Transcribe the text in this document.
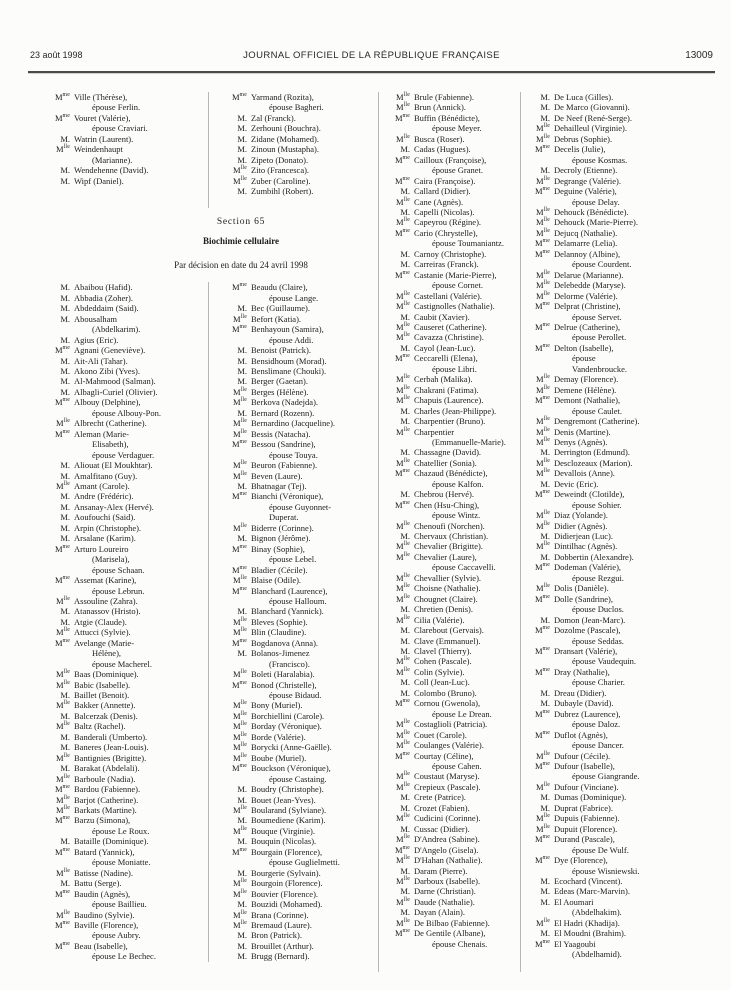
23 août 1998	JOURNAL OFFICIEL DE LA RÉPUBLIQUE FRANÇAISE	13009
$M^{me}$ Ville (Thérèse),
épouse Ferlin.
$M^{me}$ Vouret (Valérie),
épouse Craviari.
M. Watrin (Laurent).
$M^{lle}$ Weindenhaupt
(Marianne).
M. Wendehenne (David).
M. Wipf (Daniel).
$M^{me}$ Yarmand (Rozita),
épouse Bagheri.
M. Zal (Franck).
M. Zerhouni (Bouchra).
M. Zidane (Mohamed).
M. Zinoun (Mustapha).
M. Zipeto (Donato).
$M^{lle}$ Zito (Francesca).
$M^{lle}$ Zuber (Caroline).
M. Zumbihl (Robert).
Section 65
Biochimie cellulaire
Par décision en date du 24 avril 1998
M. Abaibou (Hafid).
M. Abbadia (Zoher).
M. Abdeddaim (Said).
M. Abousalham
(Abdelkarim).
M. Agius (Eric).
$M^{me}$ Agnani (Geneviève).
M. Ait-Ali (Tahar).
M. Akono Zibi (Yves).
M. Al-Mahmood (Salman).
M. Albagli-Curiel (Olivier).
$M^{me}$ Albouy (Delphine),
épouse Albouy-Pon.
$M^{lle}$ Albrecht (Catherine).
$M^{me}$ Aleman (Marie-
Elisabeth),
épouse Verdaguer.
M. Aliouat (El Moukhtar).
M. Amalfitano (Guy).
$M^{lle}$ Amant (Carole).
M. Andre (Frédéric).
M. Ansanay-Alex (Hervé).
M. Aoufouchi (Said).
M. Arpin (Christophe).
M. Arsalane (Karim).
$M^{me}$ Arturo Loureiro
(Marisela),
épouse Schaan.
$M^{me}$ Assemat (Karine),
épouse Lebrun.
$M^{lle}$ Assouline (Zahra).
M. Atanassov (Hristo).
M. Atgie (Claude).
$M^{lle}$ Attucci (Sylvie).
$M^{me}$ Avelange (Marie-
Hélène),
épouse Macherel.
$M^{lle}$ Baas (Dominique).
$M^{lle}$ Babic (Isabelle).
M. Baillet (Benoit).
$M^{lle}$ Bakker (Annette).
M. Balcerzak (Denis).
$M^{lle}$ Baltz (Rachel).
M. Banderali (Umberto).
M. Baneres (Jean-Louis).
$M^{lle}$ Bantignies (Brigitte).
M. Barakat (Abdelali).
$M^{lle}$ Barboule (Nadia).
$M^{me}$ Bardou (Fabienne).
$M^{lle}$ Barjot (Catherine).
$M^{lle}$ Barkats (Martine).
$M^{me}$ Barzu (Simona),
épouse Le Roux.
M. Bataille (Dominique).
$M^{me}$ Batard (Yannick),
épouse Moniatte.
$M^{lle}$ Batisse (Nadine).
M. Battu (Serge).
$M^{me}$ Baudin (Agnès),
épouse Baillieu.
$M^{lle}$ Baudino (Sylvie).
$M^{me}$ Baville (Florence),
épouse Aubry.
$M^{me}$ Beau (Isabelle),
épouse Le Bechec.
$M^{me}$ Beaudu (Claire),
épouse Lange.
M. Bec (Guillaume).
$M^{lle}$ Befort (Katia).
$M^{me}$ Benhayoun (Samira),
épouse Addi.
M. Benoist (Patrick).
M. Bensidhoum (Morad).
M. Benslimane (Chouki).
M. Berger (Gaetan).
$M^{lle}$ Berges (Hélène).
$M^{lle}$ Berkova (Nadejda).
M. Bernard (Rozenn).
$M^{lle}$ Bernardino (Jacqueline).
$M^{lle}$ Bessis (Natacha).
$M^{me}$ Bessou (Sandrine),
épouse Touya.
$M^{lle}$ Beuron (Fabienne).
$M^{lle}$ Beven (Laure).
M. Bhatnagar (Tej).
$M^{me}$ Bianchi (Véronique),
épouse Guyonnet-
Duperat.
$M^{lle}$ Biderre (Corinne).
M. Bignon (Jérôme).
$M^{me}$ Binay (Sophie),
épouse Lebel.
$M^{me}$ Bladier (Cécile).
$M^{lle}$ Blaise (Odile).
$M^{me}$ Blanchard (Laurence),
épouse Halloum.
M. Blanchard (Yannick).
$M^{lle}$ Bleves (Sophie).
$M^{lle}$ Blin (Claudine).
$M^{me}$ Bogdanova (Anna).
M. Bolanos-Jimenez
(Francisco).
$M^{lle}$ Boleti (Haralabia).
$M^{me}$ Bonod (Christelle),
épouse Bidaud.
$M^{lle}$ Bony (Muriel).
$M^{lle}$ Borchiellini (Carole).
$M^{lle}$ Borday (Véronique).
$M^{lle}$ Borde (Valérie).
$M^{lle}$ Borycki (Anne-Gaëlle).
$M^{lle}$ Boube (Muriel).
$M^{me}$ Bouckson (Véronique),
épouse Castaing.
M. Boudry (Christophe).
M. Bouet (Jean-Yves).
$M^{lle}$ Boularand (Sylviane).
M. Boumediene (Karim).
$M^{lle}$ Bouque (Virginie).
M. Bouquin (Nicolas).
$M^{me}$ Bourgain (Florence),
épouse Guglielmetti.
M. Bourgerie (Sylvain).
$M^{lle}$ Bourgoin (Florence).
$M^{lle}$ Bouvier (Florence).
M. Bouzidi (Mohamed).
$M^{lle}$ Brana (Corinne).
$M^{lle}$ Bremaud (Laure).
M. Bron (Patrick).
M. Brouillet (Arthur).
M. Brugg (Bernard).
$M^{lle}$ Brule (Fabienne).
$M^{lle}$ Brun (Annick).
$M^{me}$ Buffin (Bénédicte),
épouse Meyer.
$M^{lle}$ Busca (Roser).
M. Cadas (Hugues).
$M^{me}$ Cailloux (Françoise),
épouse Granet.
$M^{me}$ Caira (Françoise).
M. Callard (Didier).
$M^{lle}$ Cane (Agnès).
M. Capelli (Nicolas).
$M^{lle}$ Capeyrou (Régine).
$M^{me}$ Cario (Chrystelle),
épouse Toumaniantz.
M. Carnoy (Christophe).
M. Carreiras (Franck).
$M^{me}$ Castanie (Marie-Pierre),
épouse Cornet.
$M^{lle}$ Castellani (Valérie).
$M^{lle}$ Castignolles (Nathalie).
M. Caubit (Xavier).
$M^{lle}$ Causeret (Catherine).
$M^{lle}$ Cavazza (Christine).
M. Cayol (Jean-Luc).
$M^{me}$ Ceccarelli (Elena),
épouse Libri.
$M^{lle}$ Cerbah (Malika).
$M^{lle}$ Chakrani (Fatima).
$M^{lle}$ Chapuis (Laurence).
M. Charles (Jean-Philippe).
M. Charpentier (Bruno).
$M^{lle}$ Charpentier
(Emmanuelle-Marie).
M. Chassagne (David).
$M^{lle}$ Chatellier (Sonia).
$M^{me}$ Chazaud (Bénédicte),
épouse Kalfon.
M. Chebrou (Hervé).
$M^{me}$ Chen (Hsu-Ching),
épouse Wintz.
$M^{lle}$ Chenoufi (Norchen).
M. Chervaux (Christian).
$M^{lle}$ Chevalier (Brigitte).
$M^{lle}$ Chevalier (Laure),
épouse Caccavelli.
$M^{lle}$ Chevallier (Sylvie).
$M^{lle}$ Choisne (Nathalie).
$M^{lle}$ Chougnet (Claire).
M. Chretien (Denis).
$M^{lle}$ Cilia (Valérie).
M. Clarebout (Gervais).
M. Clave (Emmanuel).
M. Clavel (Thierry).
$M^{lle}$ Cohen (Pascale).
$M^{lle}$ Colin (Sylvie).
M. Coll (Jean-Luc).
M. Colombo (Bruno).
$M^{me}$ Cornou (Gwenola),
épouse Le Drean.
$M^{lle}$ Costaglioli (Patricia).
$M^{lle}$ Couet (Carole).
$M^{lle}$ Coulanges (Valérie).
$M^{me}$ Courtay (Céline),
épouse Cahen.
$M^{lle}$ Coustaut (Maryse).
$M^{lle}$ Crepieux (Pascale).
M. Crete (Patrice).
M. Crozet (Fabien).
$M^{lle}$ Cudicini (Corinne).
M. Cussac (Didier).
$M^{lle}$ D'Andrea (Sabine).
$M^{me}$ D'Angelo (Gisela).
$M^{lle}$ D'Hahan (Nathalie).
M. Daram (Pierre).
$M^{lle}$ Darboux (Isabelle).
M. Darne (Christian).
$M^{lle}$ Daude (Nathalie).
M. Dayan (Alain).
$M^{lle}$ De Bilbao (Fabienne).
$M^{me}$ De Gentile (Albane),
épouse Chenais.
M. De Luca (Gilles).
M. De Marco (Giovanni).
M. De Neef (René-Serge).
$M^{lle}$ Dehailleul (Virginie).
$M^{lle}$ Debrus (Sophie).
$M^{me}$ Decelis (Julie),
épouse Kosmas.
M. Decroly (Etienne).
$M^{lle}$ Degrange (Valérie).
$M^{me}$ Deguine (Valérie),
épouse Delay.
$M^{lle}$ Dehouck (Bénédicte).
$M^{lle}$ Dehouck (Marie-Pierre).
$M^{lle}$ Dejucq (Nathalie).
$M^{me}$ Delamarre (Lelia).
$M^{me}$ Delannoy (Albine),
épouse Courdent.
$M^{lle}$ Delarue (Marianne).
$M^{lle}$ Delebedde (Maryse).
$M^{lle}$ Delorme (Valérie).
$M^{me}$ Delprat (Christine),
épouse Servet.
$M^{me}$ Delrue (Catherine),
épouse Perollet.
$M^{me}$ Delton (Isabelle),
épouse
Vandenbroucke.
$M^{lle}$ Demay (Florence).
$M^{lle}$ Demene (Hélène).
$M^{me}$ Demont (Nathalie),
épouse Caulet.
$M^{lle}$ Dengremont (Catherine).
$M^{lle}$ Denis (Martine).
$M^{lle}$ Denys (Agnès).
M. Derrington (Edmund).
$M^{lle}$ Desclozeaux (Marion).
$M^{lle}$ Devallois (Anne).
M. Devic (Eric).
$M^{me}$ Deweindt (Clotilde),
épouse Sohier.
$M^{lle}$ Diaz (Yolande).
$M^{lle}$ Didier (Agnès).
M. Didierjean (Luc).
$M^{lle}$ Dintilhac (Agnès).
M. Dobbertin (Alexandre).
$M^{me}$ Dodeman (Valérie),
épouse Rezgui.
$M^{lle}$ Dolis (Danièle).
$M^{me}$ Dolle (Sandrine),
épouse Duclos.
M. Domon (Jean-Marc).
$M^{me}$ Dozolme (Pascale),
épouse Seddas.
$M^{me}$ Dransart (Valérie),
épouse Vaudequin.
$M^{me}$ Dray (Nathalie),
épouse Charier.
M. Dreau (Didier).
M. Dubayle (David).
$M^{me}$ Dubrez (Laurence),
épouse Daloz.
$M^{me}$ Duflot (Agnès),
épouse Dancer.
$M^{lle}$ Dufour (Cécile).
$M^{me}$ Dufour (Isabelle),
épouse Giangrande.
$M^{lle}$ Dufour (Vinciane).
M. Dumas (Dominique).
M. Duprat (Fabrice).
$M^{lle}$ Dupuis (Fabienne).
$M^{lle}$ Dupuit (Florence).
$M^{me}$ Durand (Pascale),
épouse De Wulf.
$M^{me}$ Dye (Florence),
épouse Wisniewski.
M. Ecochard (Vincent).
M. Edeas (Marc-Marvin).
M. El Aoumari
(Abdelhakim).
$M^{lle}$ El Hadri (Khadija).
M. El Moudni (Brahim).
$M^{me}$ El Yaagoubi
(Abdelhamid).
